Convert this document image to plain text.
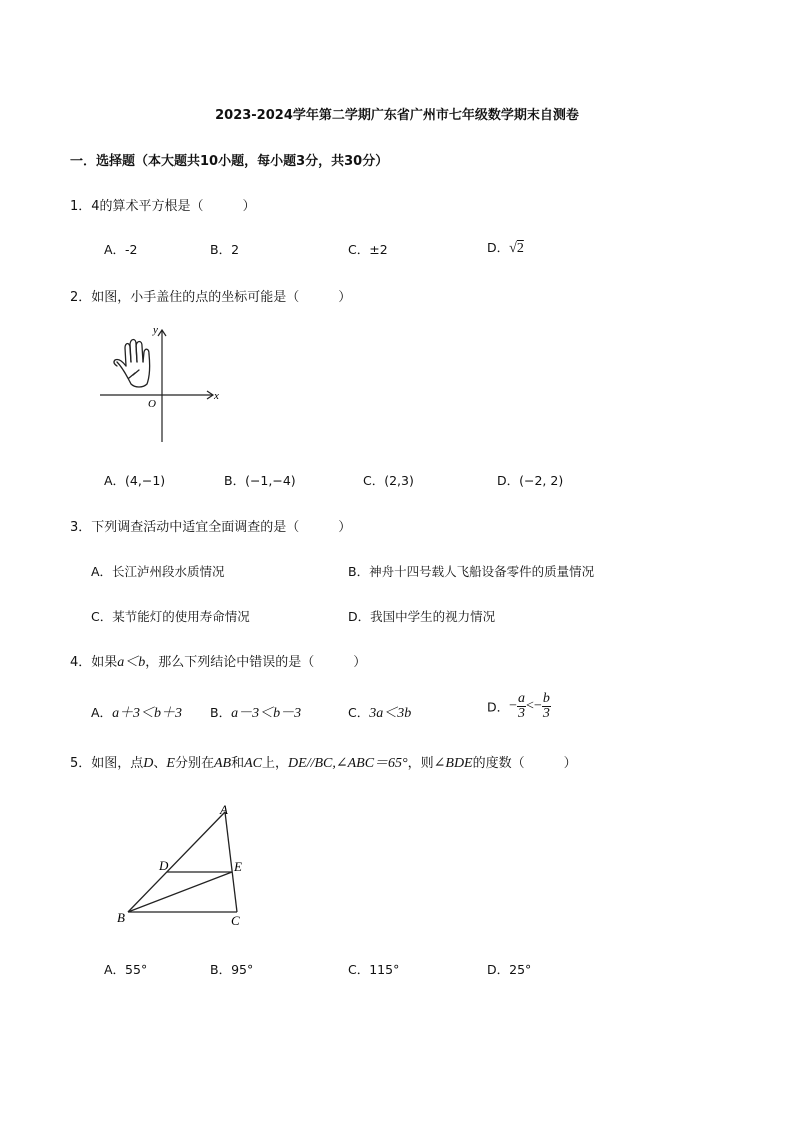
2023-2024学年第二学期广东省广州市七年级数学期末自测卷
一．选择题（本大题共10小题，每小题3分，共30分）
1．4的算术平方根是（　　　）
A．-2	B．2	C．±2	D．√2
2．如图，小手盖住的点的坐标可能是（　　　）
x
y
O
A．(4,−1)	B．(−1,−4)	C．(2,3)	D．(−2, 2)
3．下列调查活动中适宜全面调查的是（　　　）
A．长江泸州段水质情况	B．神舟十四号载人飞船设备零件的质量情况
C．某节能灯的使用寿命情况	D．我国中学生的视力情况
4．如果a＜b，那么下列结论中错误的是（　　　）
A．a＋3＜b＋3 B．a－3＜b－3	C．3a＜3b	D．− $\frac{a}{3} <- \frac{b}{3}$
5．如图，点D、E分别在AB和AC上，DE//BC,∠ABC＝65°，则∠BDE的度数（　　　）
A
D	E
B	C
A．55°	B．95°	C．115°	D．25°
